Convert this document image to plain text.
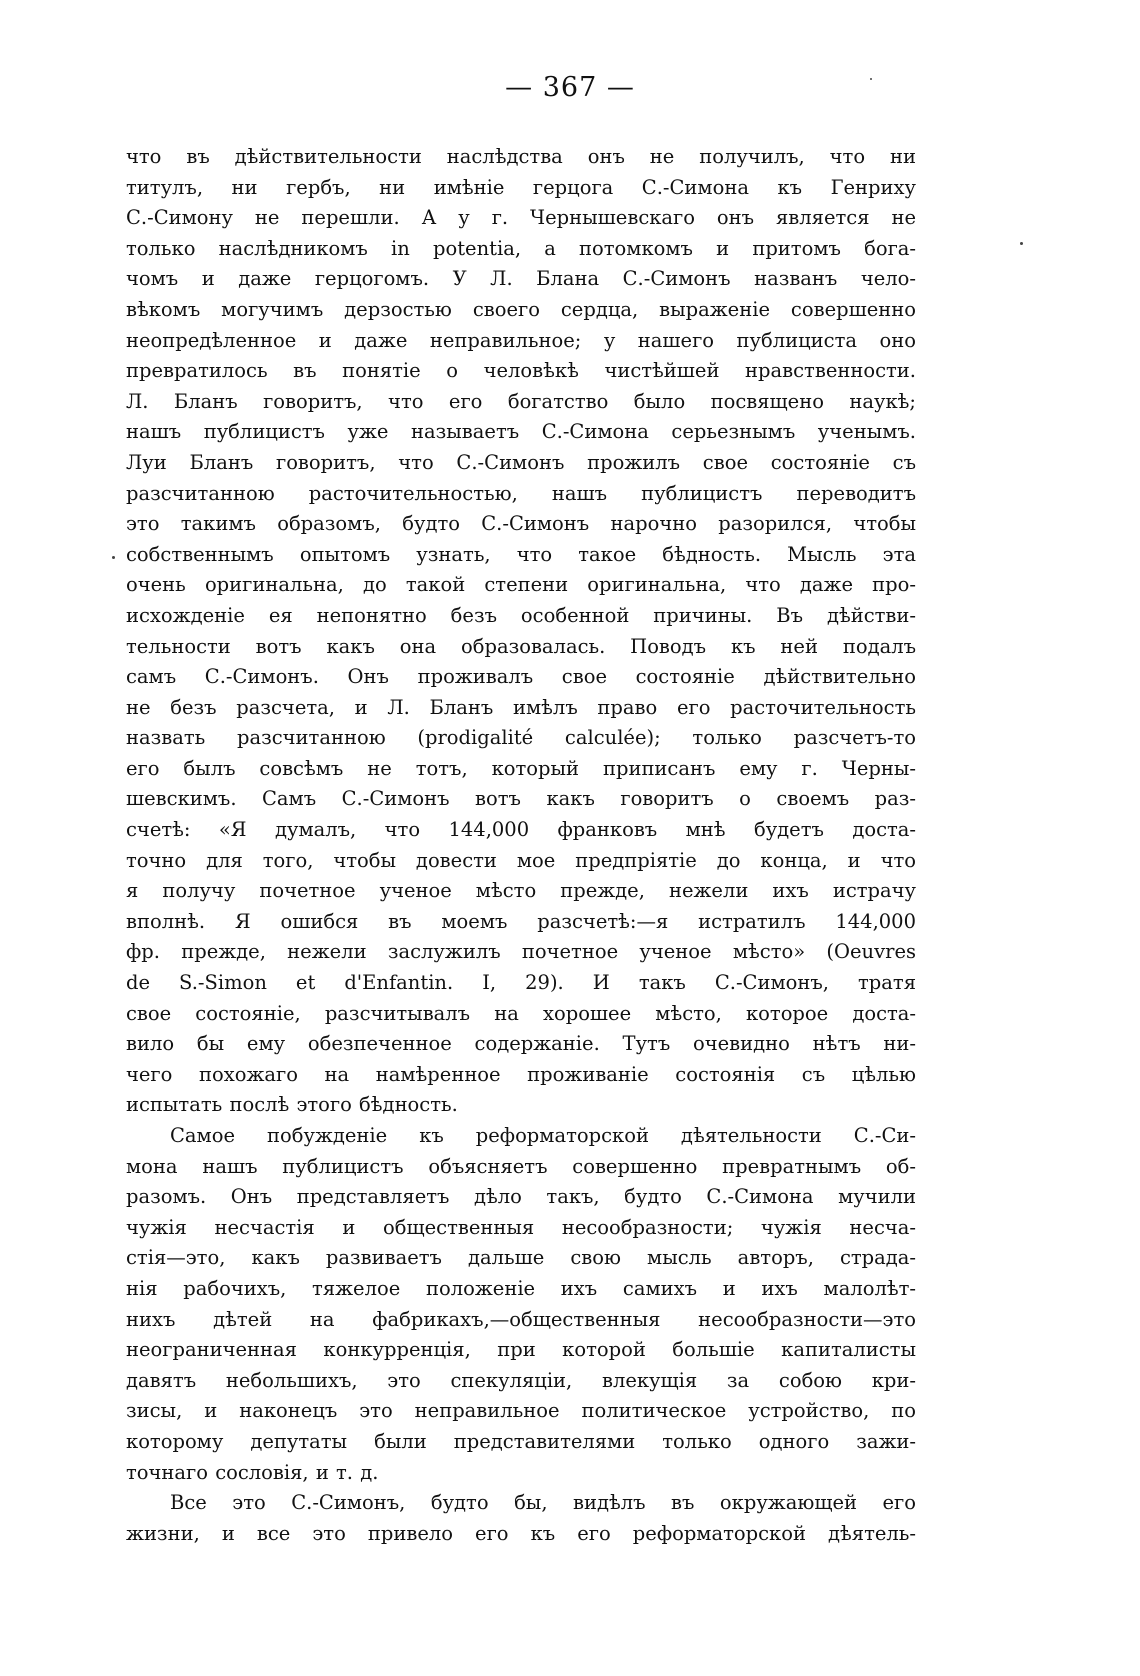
— 367 —
что въ дѣйствительности наслѣдства онъ не получилъ, что ни
титулъ, ни гербъ, ни имѣніе герцога С.-Симона къ Генриху
С.-Симону не перешли. А у г. Чернышевскаго онъ является не
только наслѣдникомъ in potentia, а потомкомъ и притомъ бога-
чомъ и даже герцогомъ. У Л. Блана С.-Симонъ названъ чело-
вѣкомъ могучимъ дерзостью своего сердца, выраженіе совершенно
неопредѣленное и даже неправильное; у нашего публициста оно
превратилось въ понятіе о человѣкѣ чистѣйшей нравственности.
Л. Бланъ говоритъ, что его богатство было посвящено наукѣ;
нашъ публицистъ уже называетъ С.-Симона серьезнымъ ученымъ.
Луи Бланъ говоритъ, что С.-Симонъ прожилъ свое состояніе съ
разсчитанною расточительностью, нашъ публицистъ переводитъ
это такимъ образомъ, будто С.-Симонъ нарочно разорился, чтобы
собственнымъ опытомъ узнать, что такое бѣдность. Мысль эта
очень оригинальна, до такой степени оригинальна, что даже про-
исхожденіе ея непонятно безъ особенной причины. Въ дѣйстви-
тельности вотъ какъ она образовалась. Поводъ къ ней подалъ
самъ С.-Симонъ. Онъ проживалъ свое состояніе дѣйствительно
не безъ разсчета, и Л. Бланъ имѣлъ право его расточительность
назвать разсчитанною (prodigalité calculée); только разсчетъ-то
его былъ совсѣмъ не тотъ, который приписанъ ему г. Черны-
шевскимъ. Самъ С.-Симонъ вотъ какъ говоритъ о своемъ раз-
счетѣ: «Я думалъ, что 144,000 франковъ мнѣ будетъ доста-
точно для того, чтобы довести мое предпріятіе до конца, и что
я получу почетное ученое мѣсто прежде, нежели ихъ истрачу
вполнѣ. Я ошибся въ моемъ разсчетѣ:—я истратилъ 144,000
фр. прежде, нежели заслужилъ почетное ученое мѣсто» (Oeuvres
de S.-Simon et d'Enfantin. I, 29). И такъ С.-Симонъ, тратя
свое состояніе, разсчитывалъ на хорошее мѣсто, которое доста-
вило бы ему обезпеченное содержаніе. Тутъ очевидно нѣтъ ни-
чего похожаго на намѣренное проживаніе состоянія съ цѣлью
испытать послѣ этого бѣдность.
Самое побужденіе къ реформаторской дѣятельности С.-Си-
мона нашъ публицистъ объясняетъ совершенно превратнымъ об-
разомъ. Онъ представляетъ дѣло такъ, будто С.-Симона мучили
чужія несчастія и общественныя несообразности; чужія несча-
стія—это, какъ развиваетъ дальше свою мысль авторъ, страда-
нія рабочихъ, тяжелое положеніе ихъ самихъ и ихъ малолѣт-
нихъ дѣтей на фабрикахъ,—общественныя несообразности—это
неограниченная конкурренція, при которой большіе капиталисты
давятъ небольшихъ, это спекуляціи, влекущія за собою кри-
зисы, и наконецъ это неправильное политическое устройство, по
которому депутаты были представителями только одного зажи-
точнаго сословія, и т. д.
Все это С.-Симонъ, будто бы, видѣлъ въ окружающей его
жизни, и все это привело его къ его реформаторской дѣятель-
